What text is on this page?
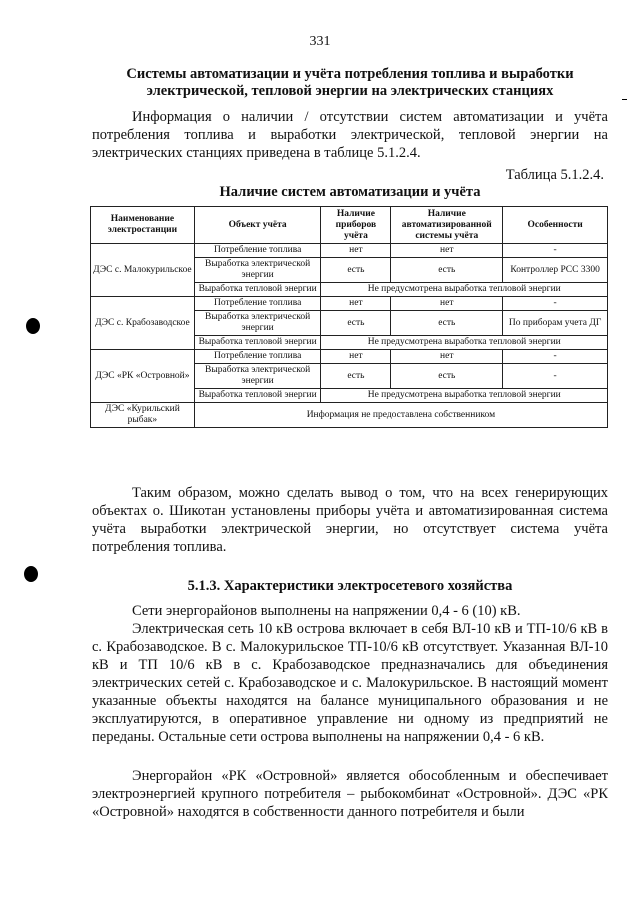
331
Системы автоматизации и учёта потребления топлива и выработки электрической, тепловой энергии на электрических станциях

Информация о наличии / отсутствии систем автоматизации и учёта потребления топлива и выработки электрической, тепловой энергии на электрических станциях приведена в таблице 5.1.2.4.

Таблица 5.1.2.4.
Наличие систем автоматизации и учёта
Наименование электростанции	Объект учёта	Наличие приборов учёта	Наличие автоматизированной системы учёта	Особенности
ДЭС с. Малокурильское	Потребление топлива	нет	нет	-
	Выработка электрической энергии	есть	есть	Контроллер PCC 3300
	Выработка тепловой энергии	Не предусмотрена выработка тепловой энергии		
ДЭС с. Крабозаводское	Потребление топлива	нет	нет	-
	Выработка электрической энергии	есть	есть	По приборам учета ДГ
	Выработка тепловой энергии	Не предусмотрена выработка тепловой энергии		
ДЭС «РК «Островной»	Потребление топлива	нет	нет	-
	Выработка электрической энергии	есть	есть	-
	Выработка тепловой энергии	Не предусмотрена выработка тепловой энергии		
ДЭС «Курильский рыбак»	Информация не предоставлена собственником			

Таким образом, можно сделать вывод о том, что на всех генерирующих объектах о. Шикотан установлены приборы учёта и автоматизированная система учёта выработки электрической энергии, но отсутствует система учёта потребления топлива.

5.1.3. Характеристики электросетевого хозяйства

Сети энергорайонов выполнены на напряжении 0,4 - 6 (10) кВ.

Электрическая сеть 10 кВ острова включает в себя ВЛ-10 кВ и ТП-10/6 кВ в с. Крабозаводское. В с. Малокурильское ТП-10/6 кВ отсутствует. Указанная ВЛ-10 кВ и ТП 10/6 кВ в с. Крабозаводское предназначались для объединения электрических сетей с. Крабозаводское и с. Малокурильское. В настоящий момент указанные объекты находятся на балансе муниципального образования и не эксплуатируются, в оперативное управление ни одному из предприятий не переданы. Остальные сети острова выполнены на напряжении 0,4 - 6 кВ.

Энергорайон «РК «Островной» является обособленным и обеспечивает электроэнергией крупного потребителя – рыбокомбинат «Островной». ДЭС «РК «Островной» находятся в собственности данного потребителя и были
